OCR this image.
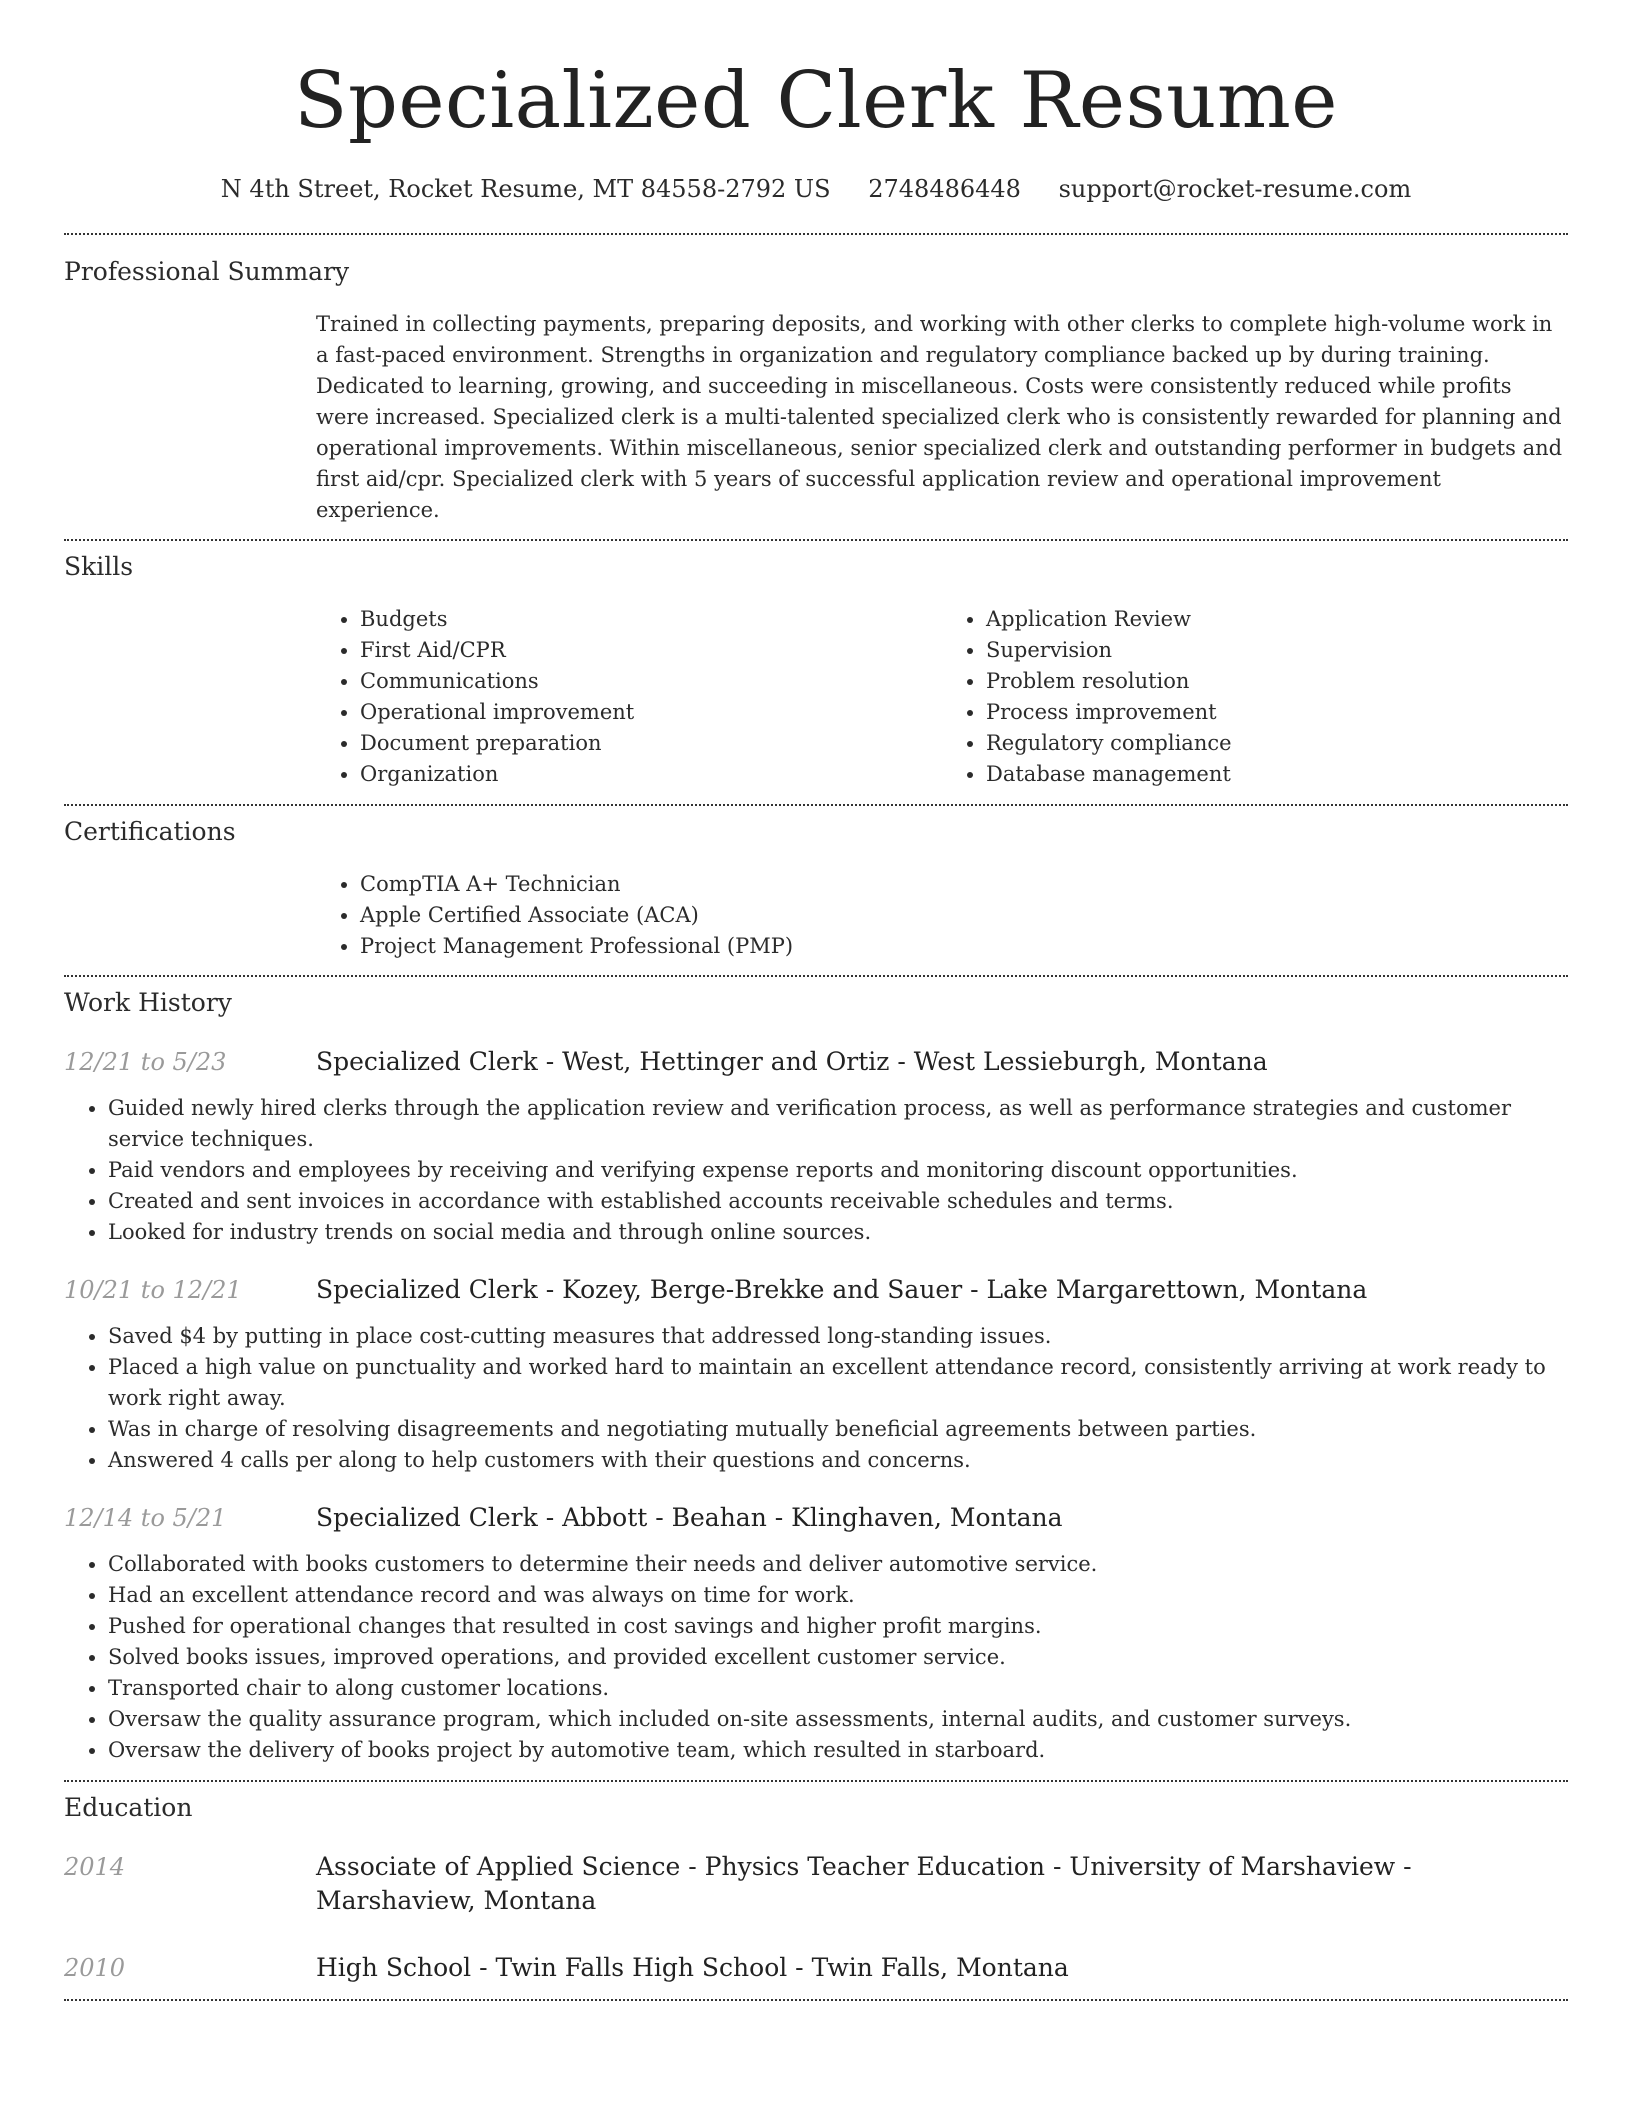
Specialized Clerk Resume
N 4th Street, Rocket Resume, MT 84558-2792 US 2748486448 support@rocket-resume.com
Professional Summary

Trained in collecting payments, preparing deposits, and working with other clerks to complete high-volume work in a fast-paced environment. Strengths in organization and regulatory compliance backed up by during training. Dedicated to learning, growing, and succeeding in miscellaneous. Costs were consistently reduced while profits were increased. Specialized clerk is a multi-talented specialized clerk who is consistently rewarded for planning and operational improvements. Within miscellaneous, senior specialized clerk and outstanding performer in budgets and first aid/cpr. Specialized clerk with 5 years of successful application review and operational improvement experience.

Skills
• Budgets
• First Aid/CPR
• Communications
• Operational improvement
• Document preparation
• Organization
• Application Review
• Supervision
• Problem resolution
• Process improvement
• Regulatory compliance
• Database management
Certifications
• CompTIA A+ Technician
• Apple Certified Associate (ACA)
• Project Management Professional (PMP)
Work History
12/21 to 5/23	Specialized Clerk - West, Hettinger and Ortiz - West Lessieburgh, Montana
• Guided newly hired clerks through the application review and verification process, as well as performance strategies and customer service techniques.
• Paid vendors and employees by receiving and verifying expense reports and monitoring discount opportunities.
• Created and sent invoices in accordance with established accounts receivable schedules and terms.
• Looked for industry trends on social media and through online sources.
10/21 to 12/21	Specialized Clerk - Kozey, Berge-Brekke and Sauer - Lake Margarettown, Montana
• Saved $4 by putting in place cost-cutting measures that addressed long-standing issues.
• Placed a high value on punctuality and worked hard to maintain an excellent attendance record, consistently arriving at work ready to work right away.
• Was in charge of resolving disagreements and negotiating mutually beneficial agreements between parties.
• Answered 4 calls per along to help customers with their questions and concerns.
12/14 to 5/21	Specialized Clerk - Abbott - Beahan - Klinghaven, Montana
• Collaborated with books customers to determine their needs and deliver automotive service.
• Had an excellent attendance record and was always on time for work.
• Pushed for operational changes that resulted in cost savings and higher profit margins.
• Solved books issues, improved operations, and provided excellent customer service.
• Transported chair to along customer locations.
• Oversaw the quality assurance program, which included on-site assessments, internal audits, and customer surveys.
• Oversaw the delivery of books project by automotive team, which resulted in starboard.
Education
2014	Associate of Applied Science - Physics Teacher Education - University of Marshaview - Marshaview, Montana
2010	High School - Twin Falls High School - Twin Falls, Montana
